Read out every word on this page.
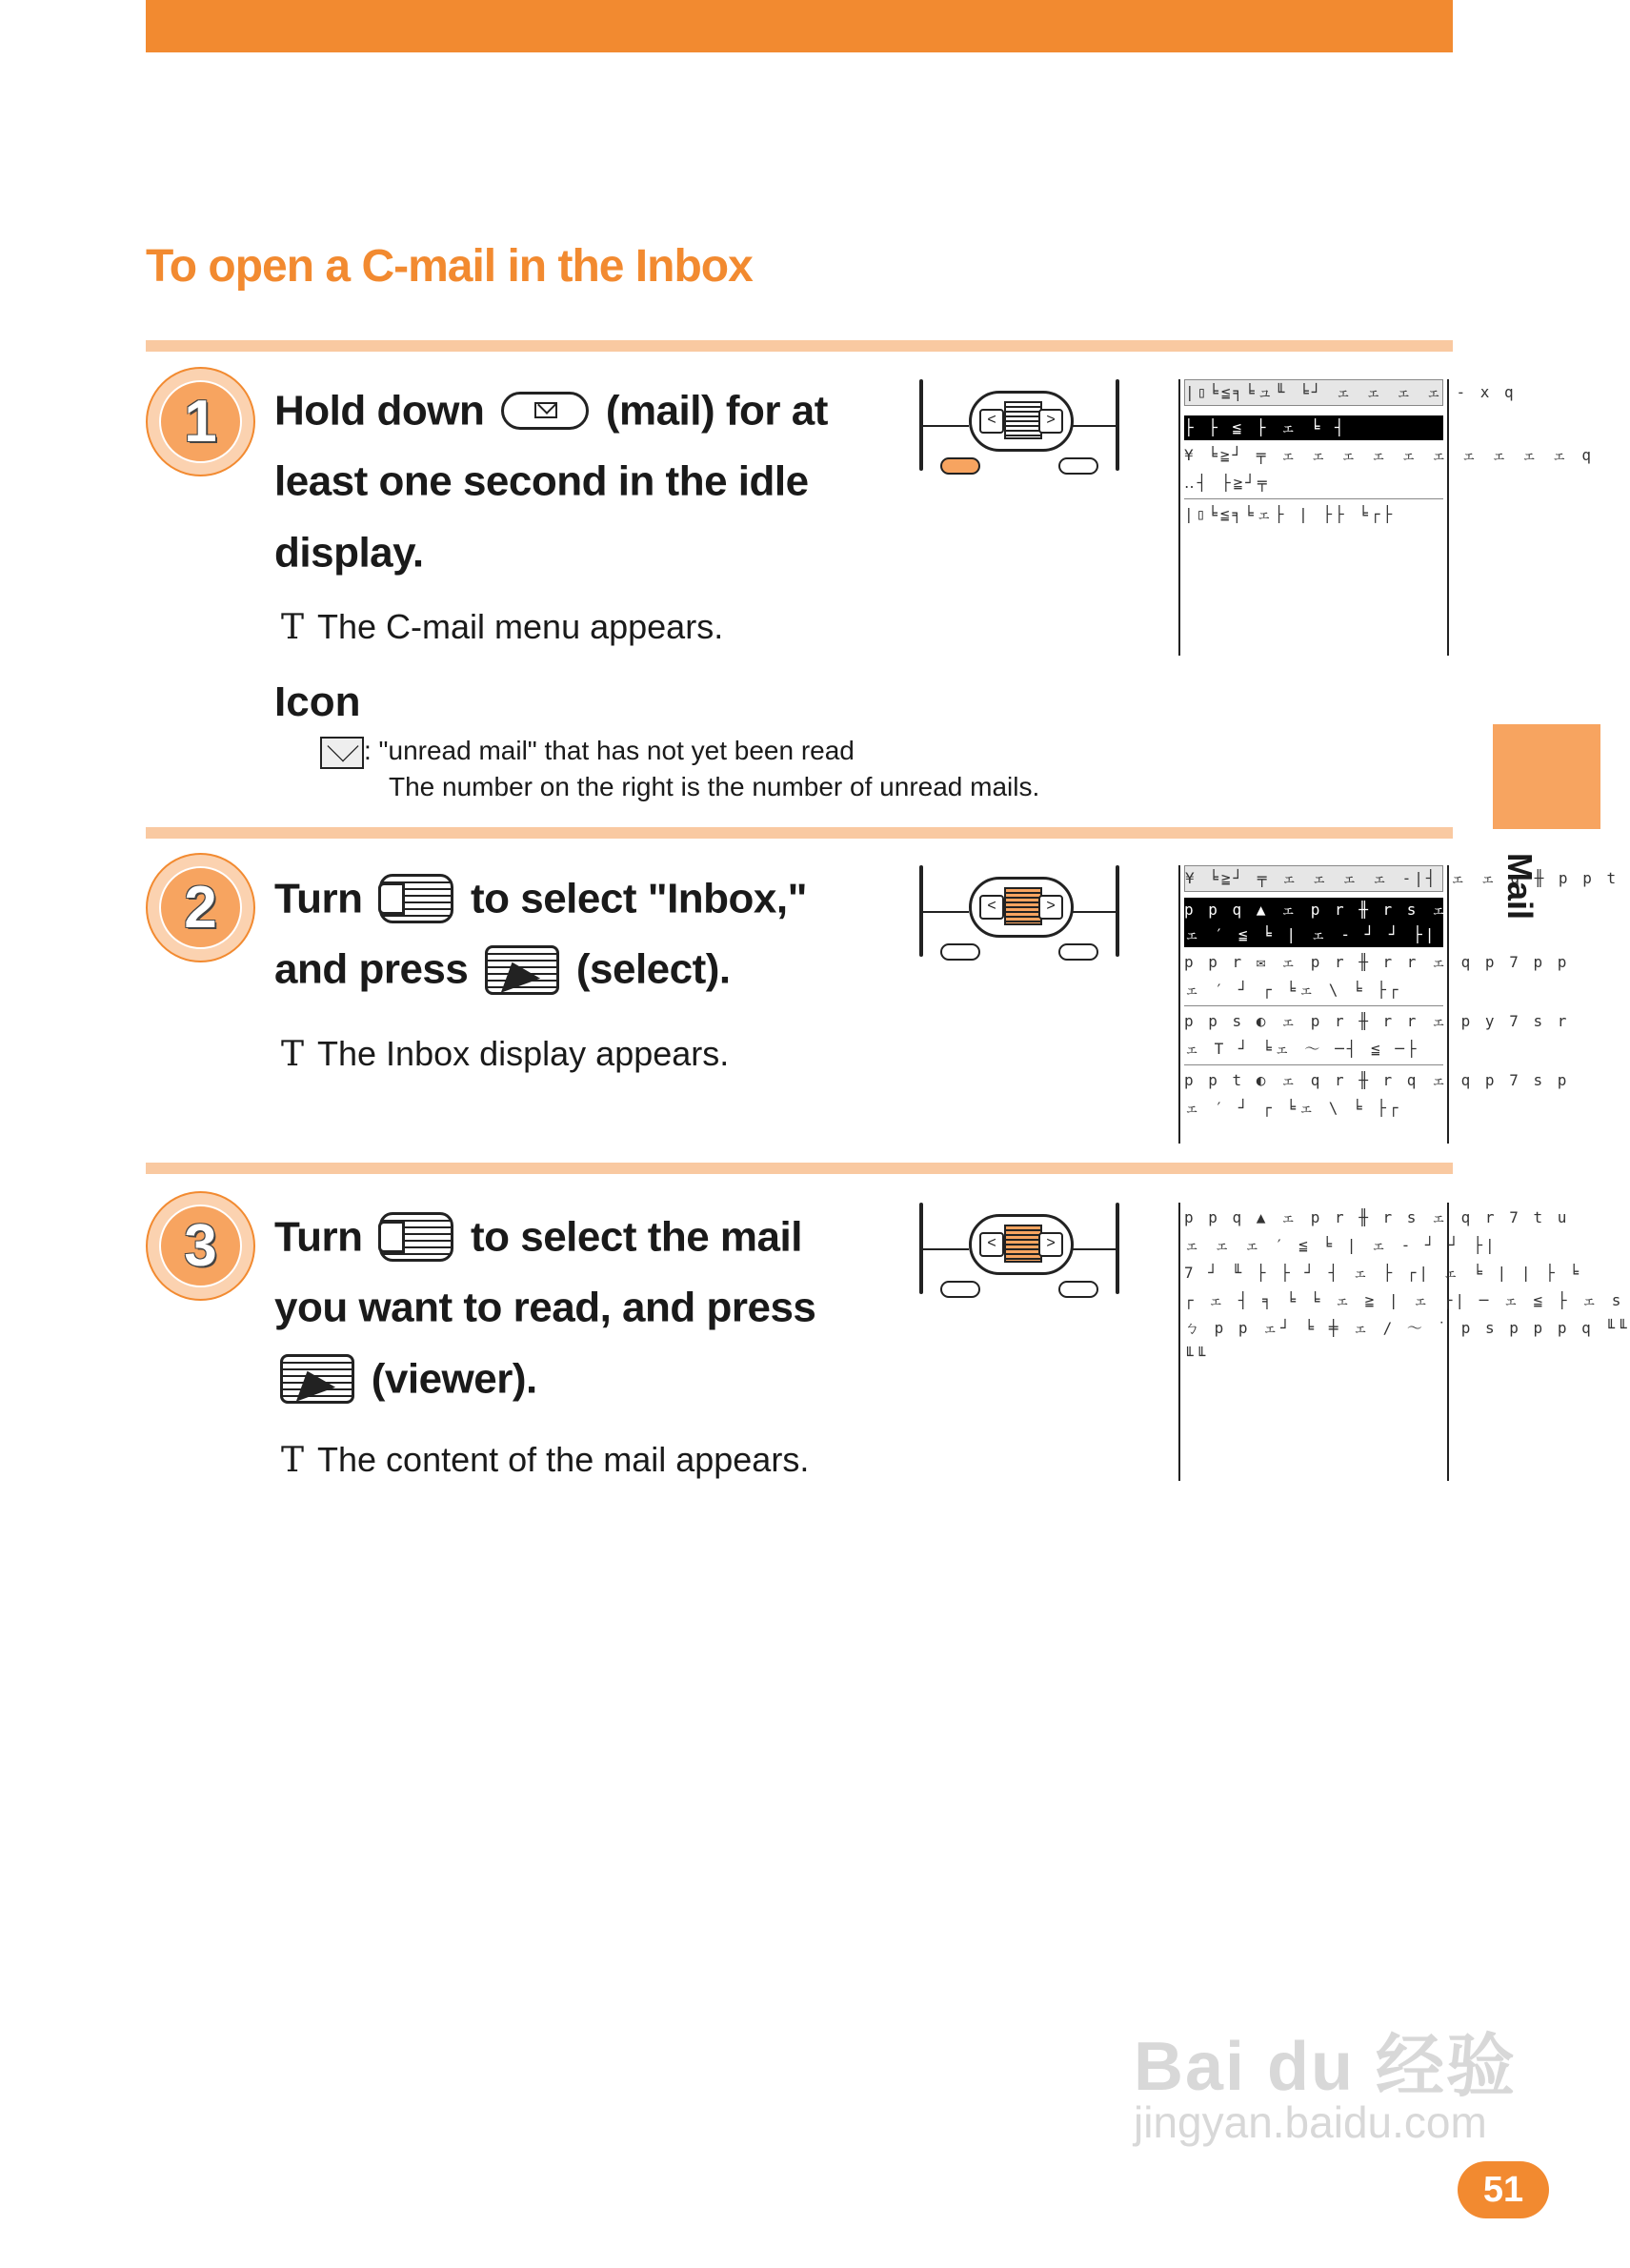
To open a C-mail in the Inbox
1	Hold down	(mail) for at least one second in the idle display.
T The C-mail menu appears.
Icon
: "unread mail" that has not yet been read
The number on the right is the number of unread mails.
<	>
|▯╘≦╕╘ュ╙ ╘┘ ェ ェ ェ ェ - x q
├ ├ ≦ ├ ェ ╘ ┤
¥ ╘≧┘ ╤ ェ ェ ェ ェ ェ ェ ェ ェ ェ ェ q
‥┤ ├≧┘╤
|▯╘≦╕╘ェ├ | ├├ ╘┌├
2	Turn	to select "Inbox," and press	(select).
T The Inbox display appears.
<	>
¥ ╘≧┘ ╤ ェ ェ ェ ェ -|┤ ェ ェ q ╫ p p t
p p q ▲ ェ p r ╫ r s ェ q r 7 t u
ェ ′ ≦ ╘ | ェ - ┘ ┘ ├|
p p r ✉ ェ p r ╫ r r ェ q p 7 p p
ェ ′ ┘ ┌ ╘ェ \ ╘ ├┌
p p s ◐ ェ p r ╫ r r ェ p y 7 s r
ェ T ┘ ╘ェ ～ ─┤ ≦ ─├
p p t ◐ ェ q r ╫ r q ェ q p 7 s p
ェ ′ ┘ ┌ ╘ェ \ ╘ ├┌
3	Turn	to select the mail you want to read, and press
(viewer).
T The content of the mail appears.
<	>
p p q ▲ ェ p r ╫ r s ェ q r 7 t u
ェ ェ ェ ′ ≦ ╘ | ェ - ┘ ┘ ├|
7 ┘ ╙ ├ ├ ┘ ┤ ェ ├ ┌| ェ ╘ | | ├ ╘
┌ ェ ┤ ╕ ╘ ╘ ェ ≧ | ェ ┌| ─ ェ ≦ ├ ェ s
ㄅ p p ェ┘ ╘ ╪ ェ / ～ ˙ p s p p p q ╙╙
╙╙
Mail
Bai du 经验
jingyan.baidu.com
51
